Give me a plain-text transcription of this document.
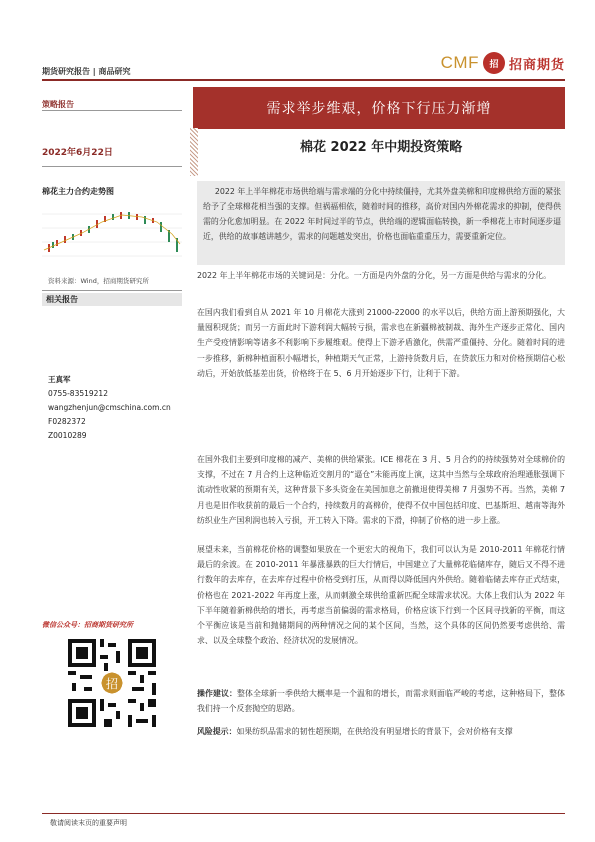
期货研究报告 | 商品研究	CMF	招 招商期货
策略报告
2022年6月22日
需求举步维艰，价格下行压力渐增
棉花 2022 年中期投资策略
棉花主力合约走势图
资料来源：Wind，招商期货研究所
相关报告
王真军
0755-83519212
wangzhenjun@cmschina.com.cn
F0282372
Z0010289
微信公众号：招商期货研究所
招

2022 年上半年棉花市场供给端与需求端的分化中持续僵持，尤其外盘美棉和印度棉供给方面的紧张给予了全球棉花相当强的支撑。但祸福相依，随着时间的推移，高价对国内外棉花需求的抑制，使得供需的分化愈加明显。在 2022 年时间过半的节点，供给端的逻辑面临转换，新一季棉花上市时间逐步逼近，供给的故事越讲越少，需求的问题越发突出，价格也面临重重压力，需要重新定位。

2022 年上半年棉花市场的关键词是：分化。一方面是内外盘的分化，另一方面是供给与需求的分化。

在国内我们看到自从 2021 年 10 月棉花大涨到 21000-22000 的水平以后，供给方面上游预期强化，大量囤积现货；而另一方面此时下游利润大幅转亏损，需求也在新疆棉被制裁、海外生产逐步正常化、国内生产受疫情影响等诸多不利影响下步履维艰。使得上下游矛盾激化，供需严重僵持、分化。随着时间的进一步推移，新棉种植面积小幅增长，种植期天气正常，上游持货数月后，在贷款压力和对价格预期信心松动后，开始放低基差出货，价格终于在 5、6 月开始逐步下行，让利于下游。

在国外我们主要到印度棉的减产、美棉的供给紧张。ICE 棉花在 3 月、5 月合约的持续强势对全球棉价的支撑，不过在 7 月合约上这种临近交割月的“逼仓”未能再度上演，这其中当然与全球政府治理通胀强调下流动性收紧的预期有关，这种背景下多头资金在美国加息之前撤退使得美棉 7 月强势不再。当然，美棉 7 月也是旧作收获前的最后一个合约，持续数月的高棉价，使得不仅中国包括印度、巴基斯坦、越南等海外纺织业生产国利润也转入亏损，开工转入下降。需求的下滑，抑制了价格的进一步上涨。

展望未来，当前棉花价格的调整如果放在一个更宏大的视角下，我们可以认为是 2010-2011 年棉花行情最后的余波。在 2010-2011 年暴涨暴跌的巨大行情后，中国建立了大量棉花临储库存，随后又不得不进行数年的去库存，在去库存过程中价格受到打压，从而得以降低国内外供给。随着临储去库存正式结束，价格也在 2021-2022 年再度上涨，从而刺激全球供给重新匹配全球需求状况。大体上我们认为 2022 年下半年随着新棉供给的增长，再考虑当前偏弱的需求格局，价格应该下行到一个区间寻找新的平衡，而这个平衡应该是当前和抛储期间的两种情况之间的某个区间，当然，这个具体的区间仍然要考虑供给、需求、以及全球整个政治、经济状况的发展情况。

操作建议：整体全球新一季供给大概率是一个温和的增长，而需求则面临严峻的考虑，这种格局下，整体我们持一个反套抛空的思路。

风险提示：如果纺织品需求的韧性超预期，在供给没有明显增长的背景下，会对价格有支撑

敬请阅读末页的重要声明
